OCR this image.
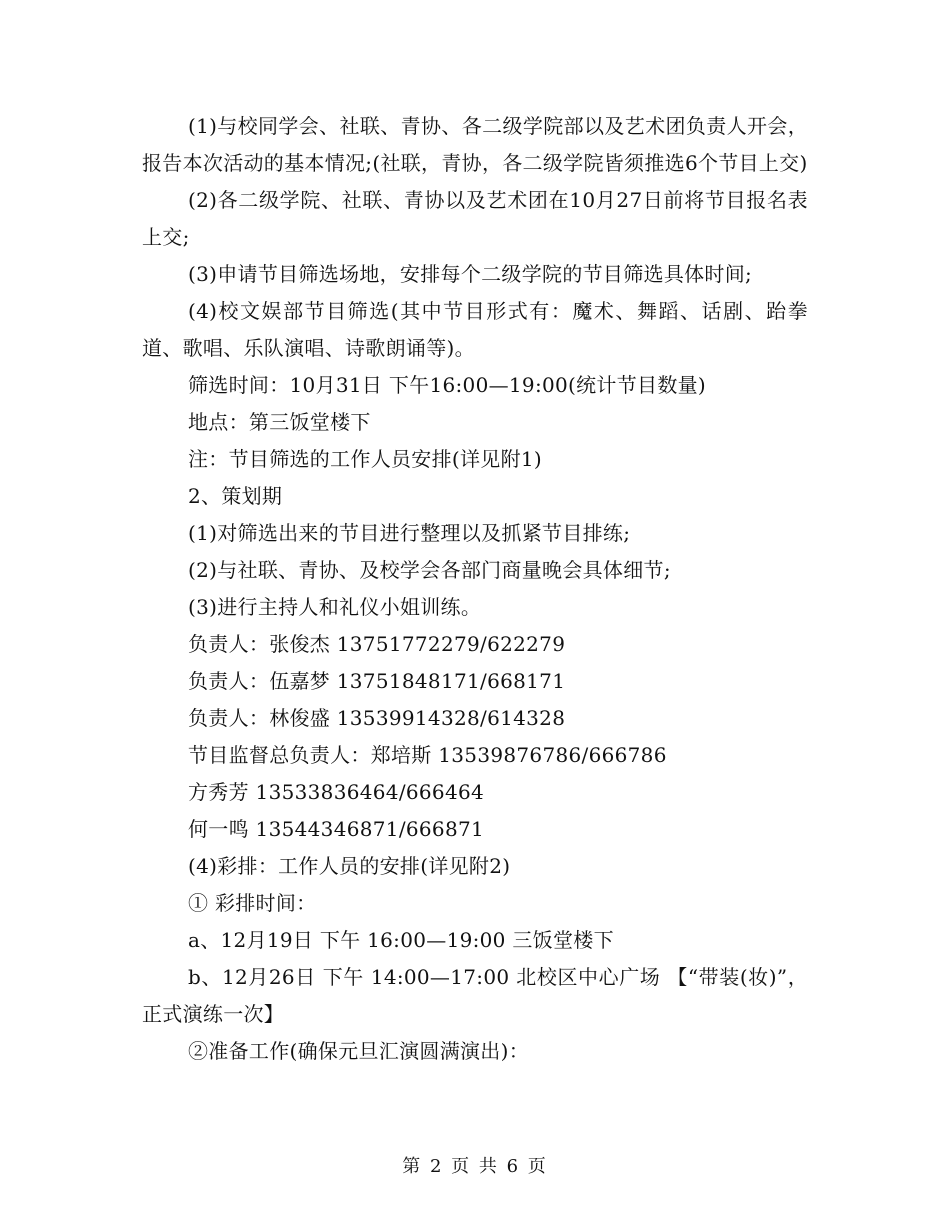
(1)与校同学会、社联、青协、各二级学院部以及艺术团负责人开会，报告本次活动的基本情况;(社联，青协，各二级学院皆须推选6个节目上交)

(2)各二级学院、社联、青协以及艺术团在10月27日前将节目报名表上交;

(3)申请节目筛选场地，安排每个二级学院的节目筛选具体时间;

(4)校文娱部节目筛选(其中节目形式有：魔术、舞蹈、话剧、跆拳道、歌唱、乐队演唱、诗歌朗诵等)。

筛选时间：10月31日 下午16:00—19:00(统计节目数量)

地点：第三饭堂楼下

注：节目筛选的工作人员安排(详见附1)

2、策划期

(1)对筛选出来的节目进行整理以及抓紧节目排练;

(2)与社联、青协、及校学会各部门商量晚会具体细节;

(3)进行主持人和礼仪小姐训练。

负责人：张俊杰 13751772279/622279

负责人：伍嘉梦 13751848171/668171

负责人：林俊盛 13539914328/614328

节目监督总负责人：郑培斯 13539876786/666786

方秀芳 13533836464/666464

何一鸣 13544346871/666871

(4)彩排：工作人员的安排(详见附2)

① 彩排时间：

a、12月19日 下午 16:00—19:00 三饭堂楼下

b、12月26日 下午 14:00—17:00 北校区中心广场 【“带装(妆)”，正式演练一次】

②准备工作(确保元旦汇演圆满演出)：

第 2 页 共 6 页
